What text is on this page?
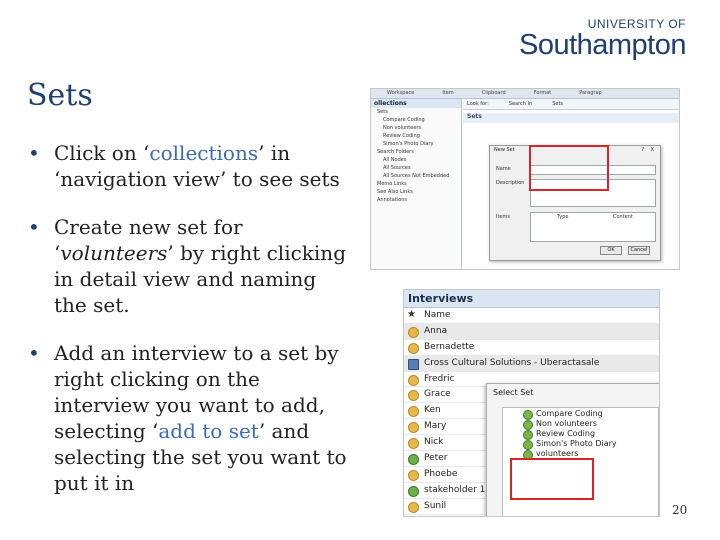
UNIVERSITY OF
Southampton
Sets
• Click on ‘collections’ in ‘navigation view’ to see sets
• Create new set for ‘volunteers’ by right clicking in detail view and naming the set.
• Add an interview to a set by right clicking on the interview you want to add, selecting ‘add to set’ and selecting the set you want to put it in
Workspace	Item	Clipboard	Format	Paragrap
ollections
Sets
Compare Coding
Non volunteers
Review Coding
Simon's Photo Diary
Search Folders
All Nodes
All Sources
All Sources Not Embedded
Memo Links
See Also Links
Annotations
Look for:	Search In	Sets
Sets
New Set	? X
Name
Description
Items	Type	Content
OK	Cancel
Interviews
★ Name
Anna
Bernadette
Cross Cultural Solutions - Uberactasale
Fredric
Grace
Ken
Mary
Nick
Peter
Phoebe
stakeholder 1
Sunil
Select Set
Compare Coding
Non volunteers
Review Coding
Simon's Photo Diary
volunteers
20
